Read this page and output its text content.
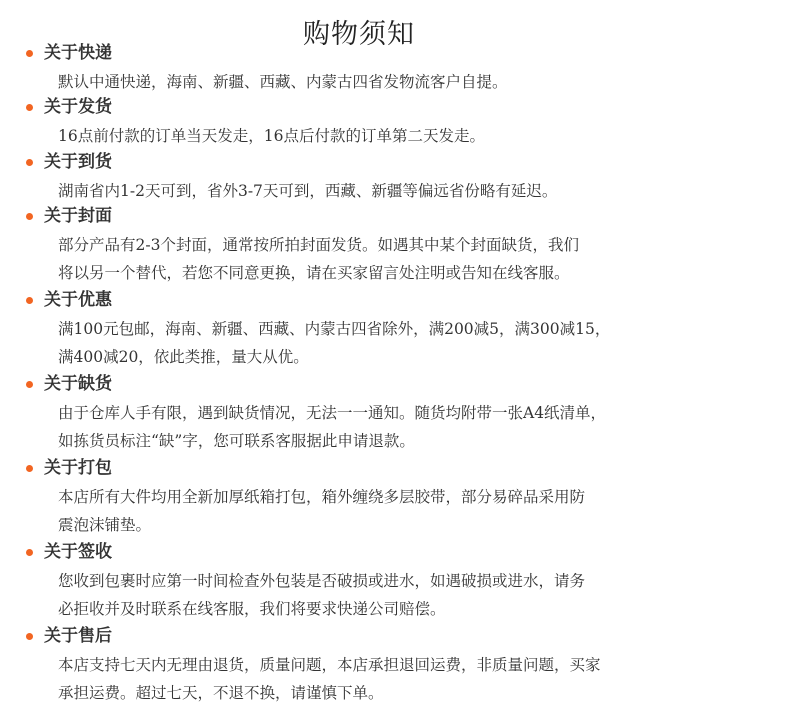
购物须知
关于快递
默认中通快递，海南、新疆、西藏、内蒙古四省发物流客户自提。
关于发货
16点前付款的订单当天发走，16点后付款的订单第二天发走。
关于到货
湖南省内1-2天可到，省外3-7天可到，西藏、新疆等偏远省份略有延迟。
关于封面
部分产品有2-3个封面，通常按所拍封面发货。如遇其中某个封面缺货，我们
将以另一个替代，若您不同意更换，请在买家留言处注明或告知在线客服。
关于优惠
满100元包邮，海南、新疆、西藏、内蒙古四省除外，满200减5，满300减15，
满400减20，依此类推，量大从优。
关于缺货
由于仓库人手有限，遇到缺货情况，无法一一通知。随货均附带一张A4纸清单，
如拣货员标注“缺”字，您可联系客服据此申请退款。
关于打包
本店所有大件均用全新加厚纸箱打包，箱外缠绕多层胶带，部分易碎品采用防
震泡沫铺垫。
关于签收
您收到包裹时应第一时间检查外包装是否破损或进水，如遇破损或进水，请务
必拒收并及时联系在线客服，我们将要求快递公司赔偿。
关于售后
本店支持七天内无理由退货，质量问题，本店承担退回运费，非质量问题，买家
承担运费。超过七天，不退不换，请谨慎下单。
